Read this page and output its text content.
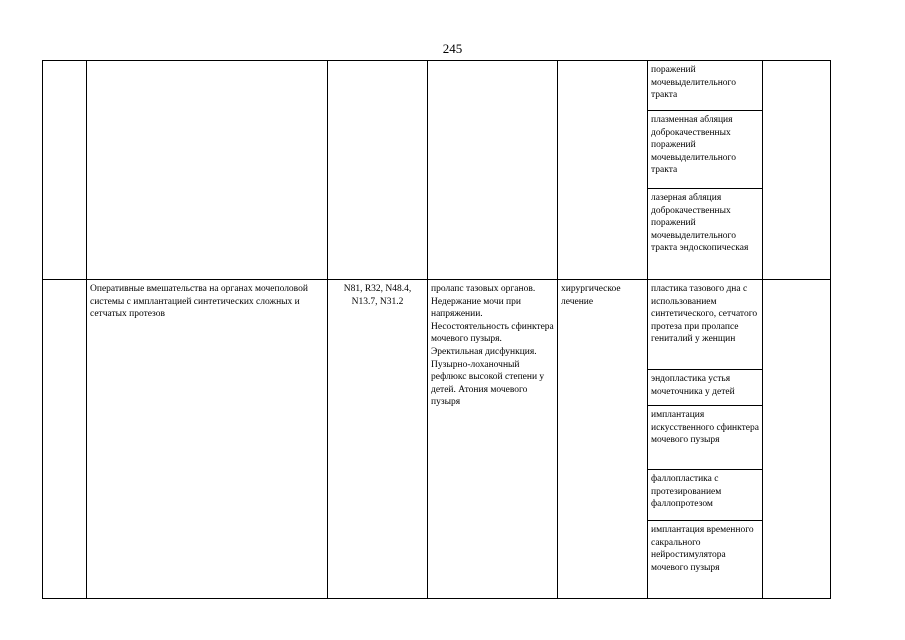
245
					поражений мочевыделительного тракта	
					плазменная абляция доброкачественных поражений мочевыделительного тракта	
					лазерная абляция доброкачественных поражений мочевыделительного тракта эндоскопическая	
	Оперативные вмешательства на органах мочеполовой системы с имплантацией синтетических сложных и сетчатых протезов	N81, R32, N48.4, N13.7, N31.2	пролапс тазовых органов. Недержание мочи при напряжении. Несостоятельность сфинктера мочевого пузыря. Эректильная дисфункция. Пузырно-лоханочный рефлюкс высокой степени у детей. Атония мочевого пузыря	хирургическое лечение	пластика тазового дна с использованием синтетического, сетчатого протеза при пролапсе гениталий у женщин	
					эндопластика устья мочеточника у детей	
					имплантация искусственного сфинктера мочевого пузыря	
					фаллопластика с протезированием фаллопротезом	
					имплантация временного сакрального нейростимулятора мочевого пузыря	
